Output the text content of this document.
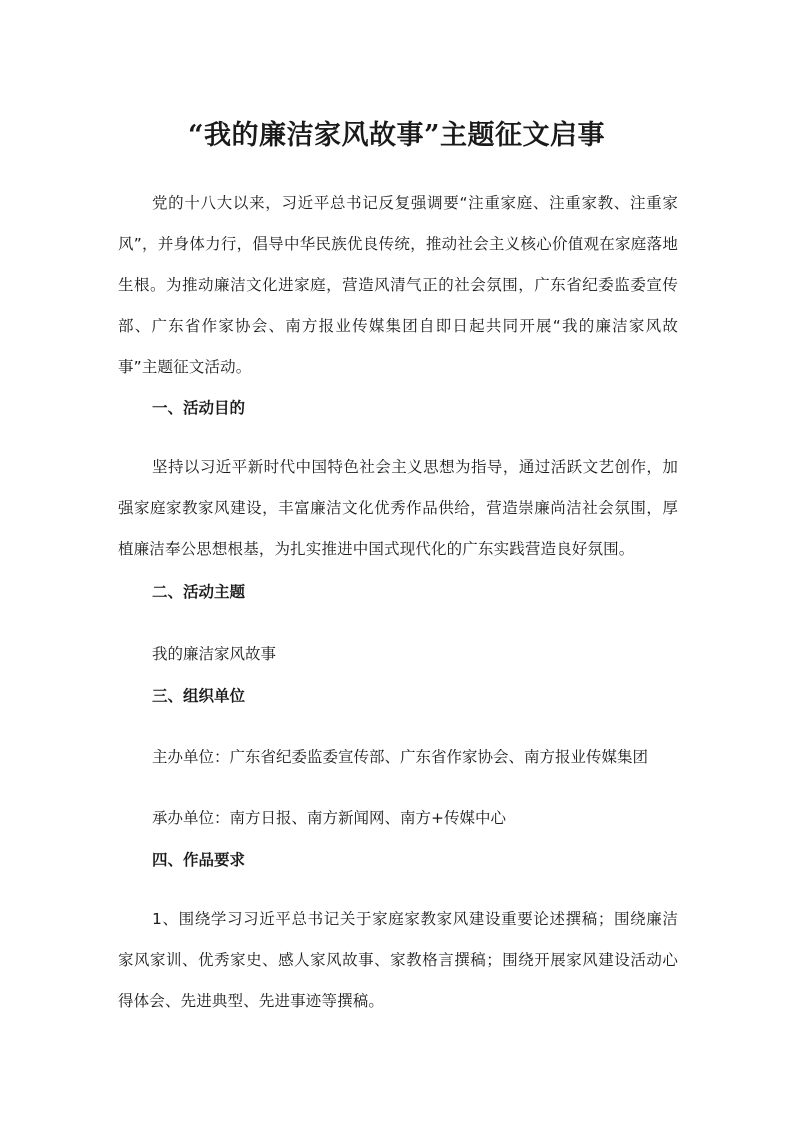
“我的廉洁家风故事”主题征文启事

党的十八大以来，习近平总书记反复强调要“注重家庭、注重家教、注重家风”，并身体力行，倡导中华民族优良传统，推动社会主义核心价值观在家庭落地生根。为推动廉洁文化进家庭，营造风清气正的社会氛围，广东省纪委监委宣传部、广东省作家协会、南方报业传媒集团自即日起共同开展“我的廉洁家风故事”主题征文活动。

一、活动目的

坚持以习近平新时代中国特色社会主义思想为指导，通过活跃文艺创作，加强家庭家教家风建设，丰富廉洁文化优秀作品供给，营造崇廉尚洁社会氛围，厚植廉洁奉公思想根基，为扎实推进中国式现代化的广东实践营造良好氛围。

二、活动主题

我的廉洁家风故事

三、组织单位

主办单位：广东省纪委监委宣传部、广东省作家协会、南方报业传媒集团

承办单位：南方日报、南方新闻网、南方+传媒中心

四、作品要求

1、围绕学习习近平总书记关于家庭家教家风建设重要论述撰稿；围绕廉洁家风家训、优秀家史、感人家风故事、家教格言撰稿；围绕开展家风建设活动心得体会、先进典型、先进事迹等撰稿。
